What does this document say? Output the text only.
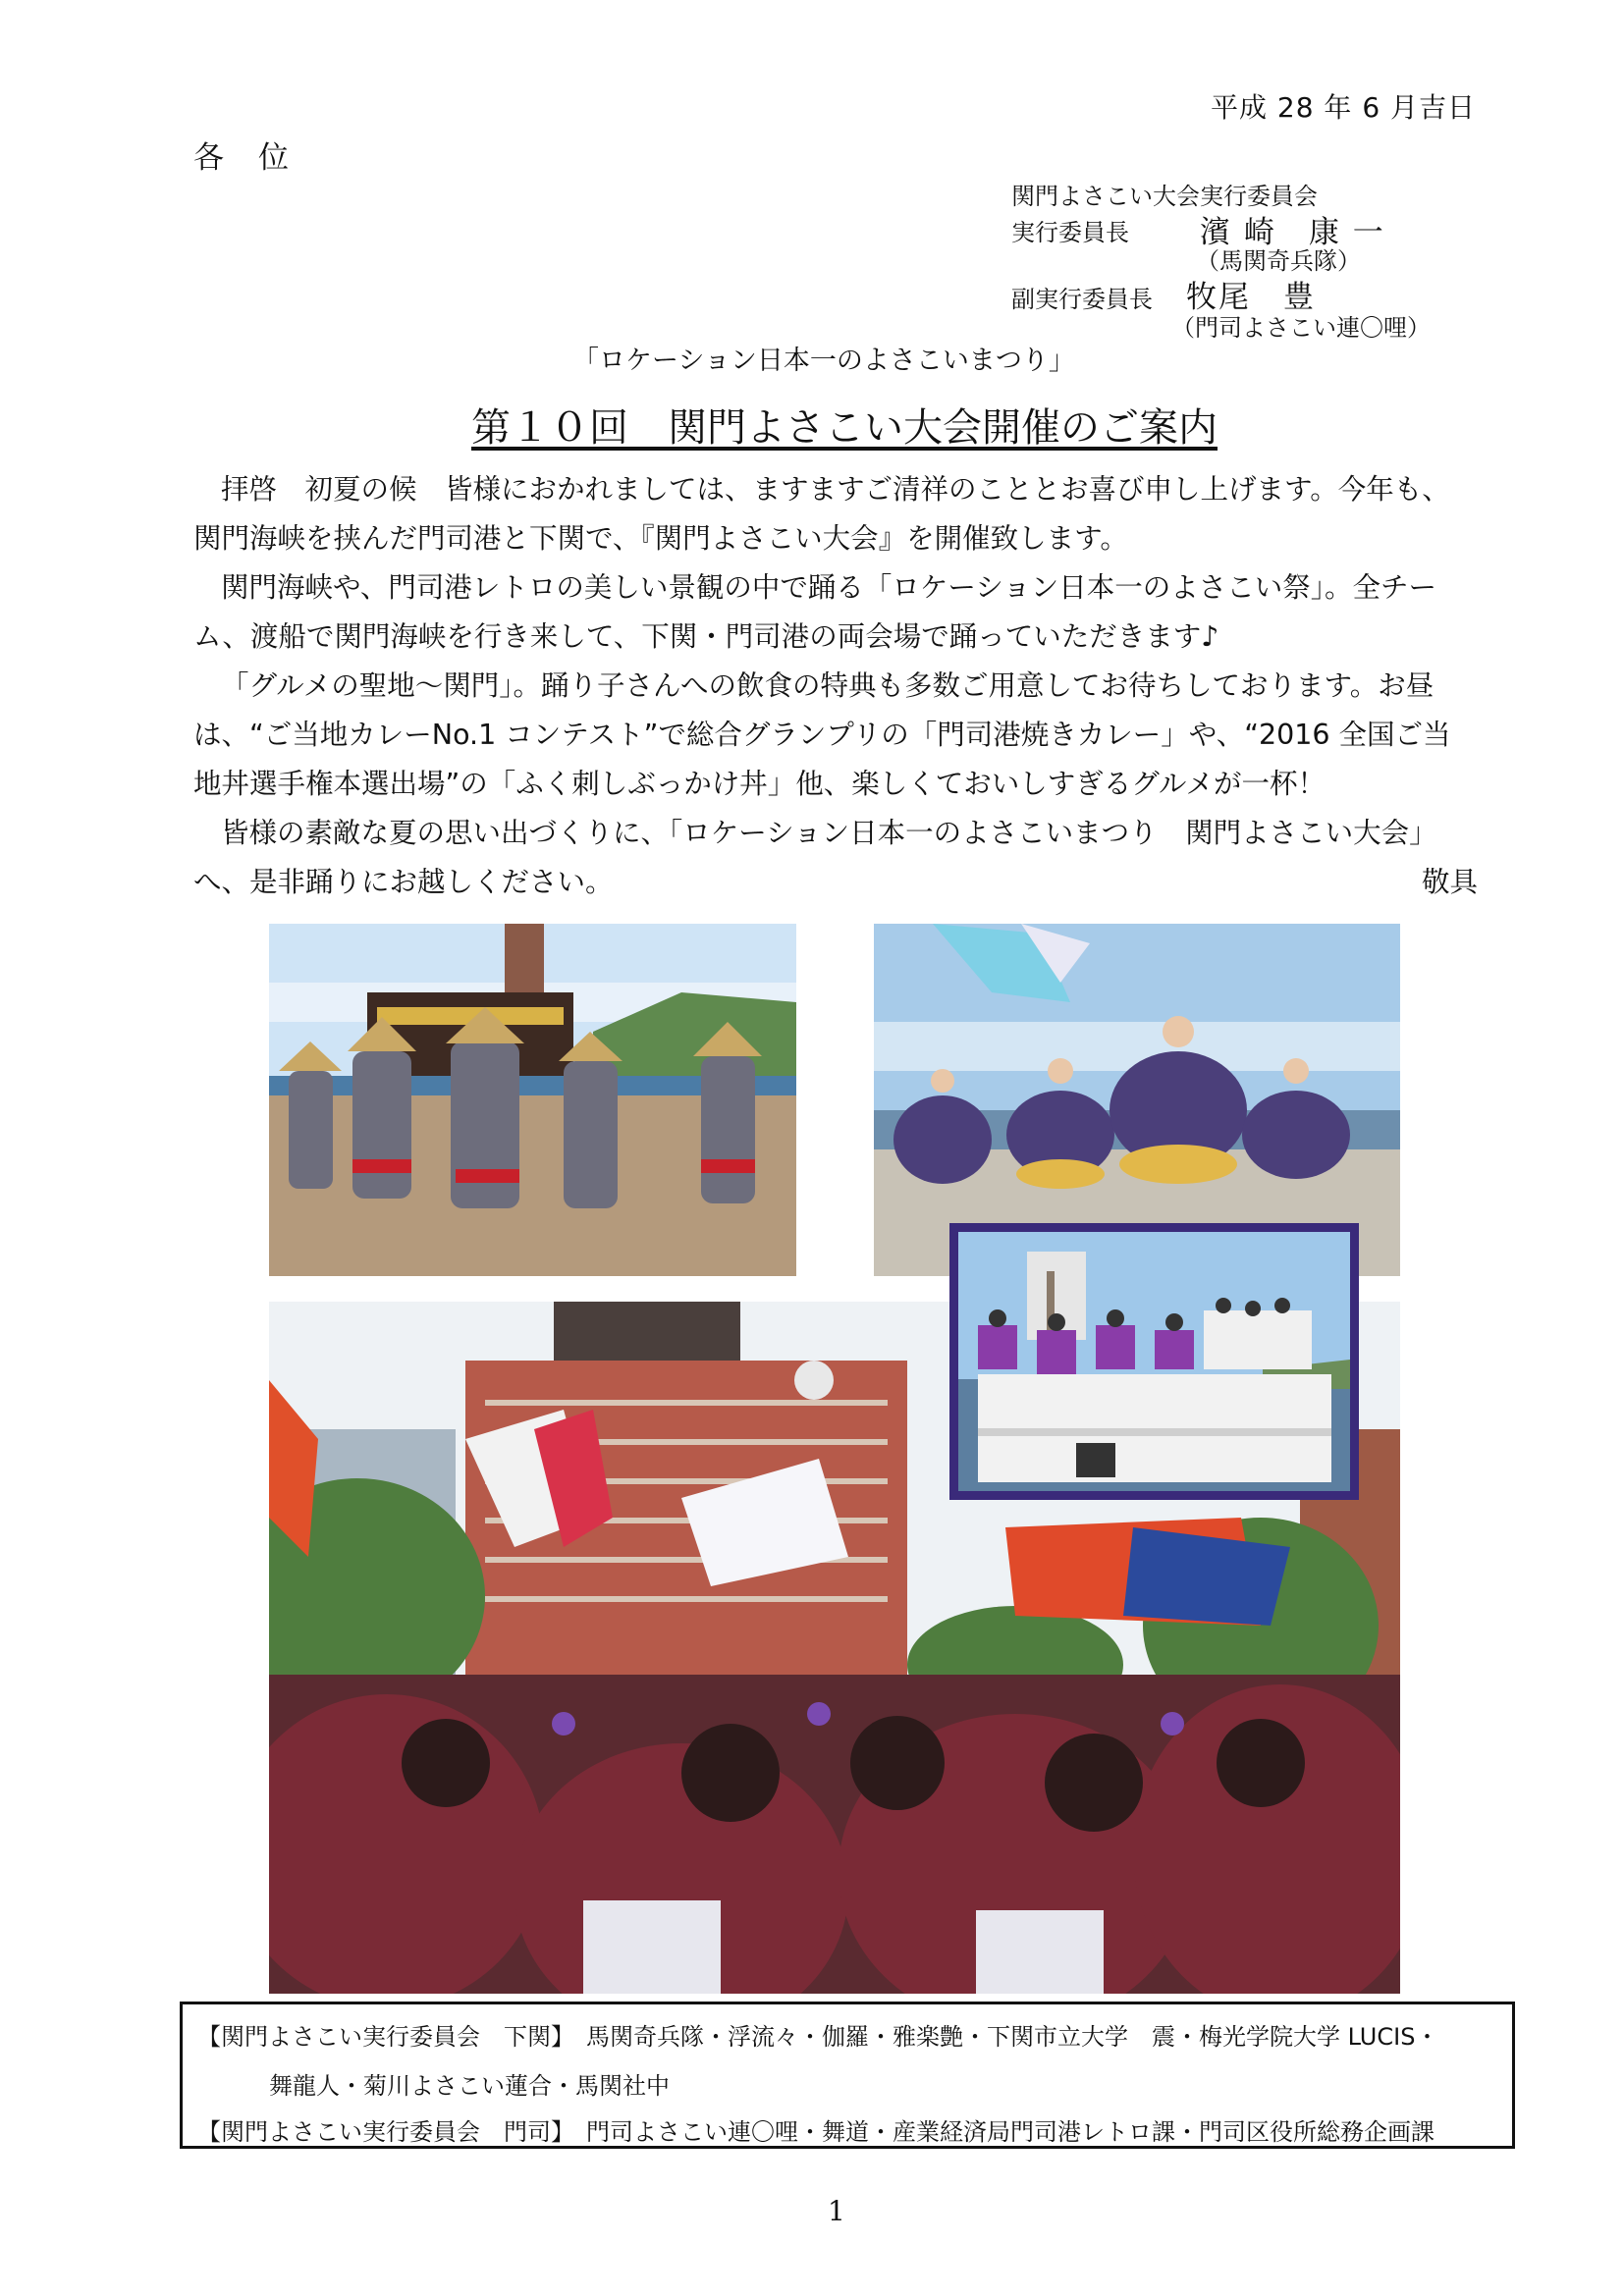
平成 28 年 6 月吉日
各　位
関門よさこい大会実行委員会
実行委員長 濱 崎　康 一
（馬関奇兵隊）
副実行委員長 牧尾　豊
（門司よさこい連〇哩）
「ロケーション日本一のよさこいまつり」
第１０回　関門よさこい大会開催のご案内

拝啓　初夏の候　皆様におかれましては、ますますご清祥のこととお喜び申し上げます。今年も、関門海峡を挟んだ門司港と下関で、『関門よさこい大会』を開催致します。

関門海峡や、門司港レトロの美しい景観の中で踊る「ロケーション日本一のよさこい祭」。全チーム、渡船で関門海峡を行き来して、下関・門司港の両会場で踊っていただきます♪

「グルメの聖地～関門」。踊り子さんへの飲食の特典も多数ご用意してお待ちしております。お昼は、“ご当地カレーNo.1 コンテスト”で総合グランプリの「門司港焼きカレー」や、“2016 全国ご当地丼選手権本選出場”の「ふく刺しぶっかけ丼」他、楽しくておいしすぎるグルメが一杯！

皆様の素敵な夏の思い出づくりに、「ロケーション日本一のよさこいまつり　関門よさこい大会」

へ、是非踊りにお越しください。	敬具
【関門よさこい実行委員会　下関】　馬関奇兵隊・浮流々・伽羅・雅楽艶・下関市立大学　震・梅光学院大学 LUCIS・
舞龍人・菊川よさこい蓮合・馬関社中
【関門よさこい実行委員会　門司】　門司よさこい連〇哩・舞道・産業経済局門司港レトロ課・門司区役所総務企画課
1
